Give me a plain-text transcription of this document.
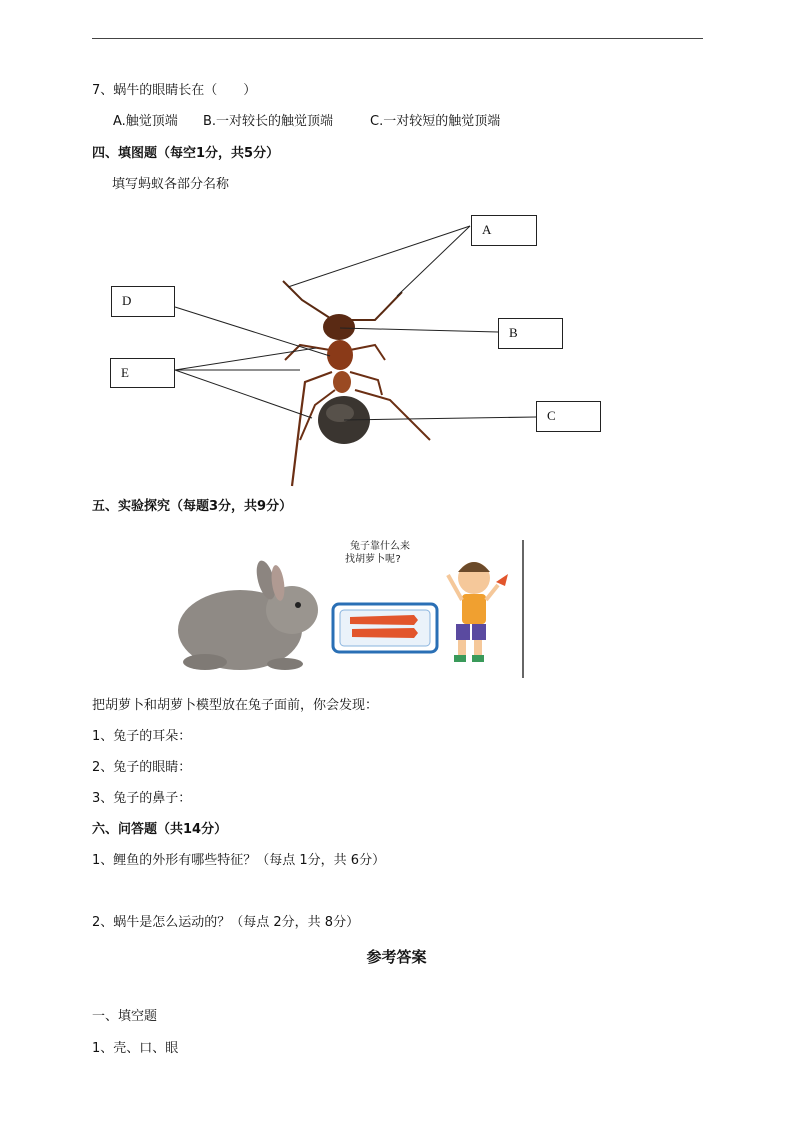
7、蜗牛的眼睛长在（　　）
A.触觉顶端 B.一对较长的触觉顶端	C.一对较短的触觉顶端
四、填图题（每空1分，共5分）
填写蚂蚁各部分名称
A
B
C
D
E
五、实验探究（每题3分，共9分）
兔子靠什么来
找胡萝卜呢?
把胡萝卜和胡萝卜模型放在兔子面前，你会发现：
1、兔子的耳朵：
2、兔子的眼睛：
3、兔子的鼻子：
六、问答题（共14分）
1、鲤鱼的外形有哪些特征？（每点 1分，共 6分）
2、蜗牛是怎么运动的？（每点 2分，共 8分）
参考答案
一、填空题
1、壳、口、眼
